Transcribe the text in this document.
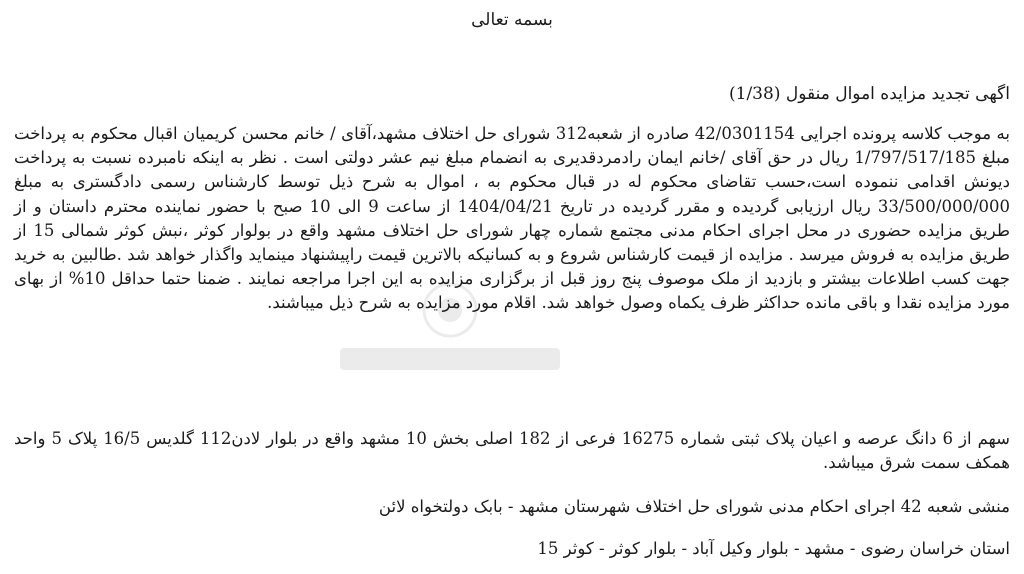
بسمه تعالی
اگهی تجدید مزایده اموال منقول (1/38)
به موجب کلاسه پرونده اجرایی 42/0301154 صادره از شعبه312 شورای حل اختلاف مشهد،آقای / خانم محسن کریمیان اقبال محکوم به پرداخت مبلغ 1/797/517/185 ریال در حق آقای /خانم ایمان رادمردقدیری به انضمام مبلغ نیم عشر دولتی است . نظر به اینکه نامبرده نسبت به پرداخت دیونش اقدامی ننموده است،حسب تقاضای محکوم له در قبال محکوم به ، اموال به شرح ذیل توسط کارشناس رسمی دادگستری به مبلغ 33/500/000/000 ریال ارزیابی گردیده و مقرر گردیده در تاریخ 1404/04/21 از ساعت 9 الی 10 صبح با حضور نماینده محترم داستان و از طریق مزایده حضوری در محل اجرای احکام مدنی مجتمع شماره چهار شورای حل اختلاف مشهد واقع در بولوار کوثر ،نبش کوثر شمالی 15 از طریق مزایده به فروش میرسد . مزایده از قیمت کارشناس شروع و به کسانیکه بالاترین قیمت راپیشنهاد مینماید واگذار خواهد شد .طالبین به خرید جهت کسب اطلاعات بیشتر و بازدید از ملک موصوف پنج روز قبل از برگزاری مزایده به این اجرا مراجعه نمایند . ضمنا حتما حداقل 10% از بهای مورد مزایده نقدا و باقی مانده حداکثر ظرف یکماه وصول خواهد شد. اقلام مورد مزایده به شرح ذیل میباشند.
سهم از 6 دانگ عرصه و اعیان پلاک ثبتی شماره 16275 فرعی از 182 اصلی بخش 10 مشهد واقع در بلوار لادن112 گلدیس 16/5 پلاک 5 واحد همکف سمت شرق میباشد.
منشی شعبه 42 اجرای احکام مدنی شورای حل اختلاف شهرستان مشهد - بابک دولتخواه لائن
استان خراسان رضوی - مشهد - بلوار وکیل آباد - بلوار کوثر - کوثر 15
